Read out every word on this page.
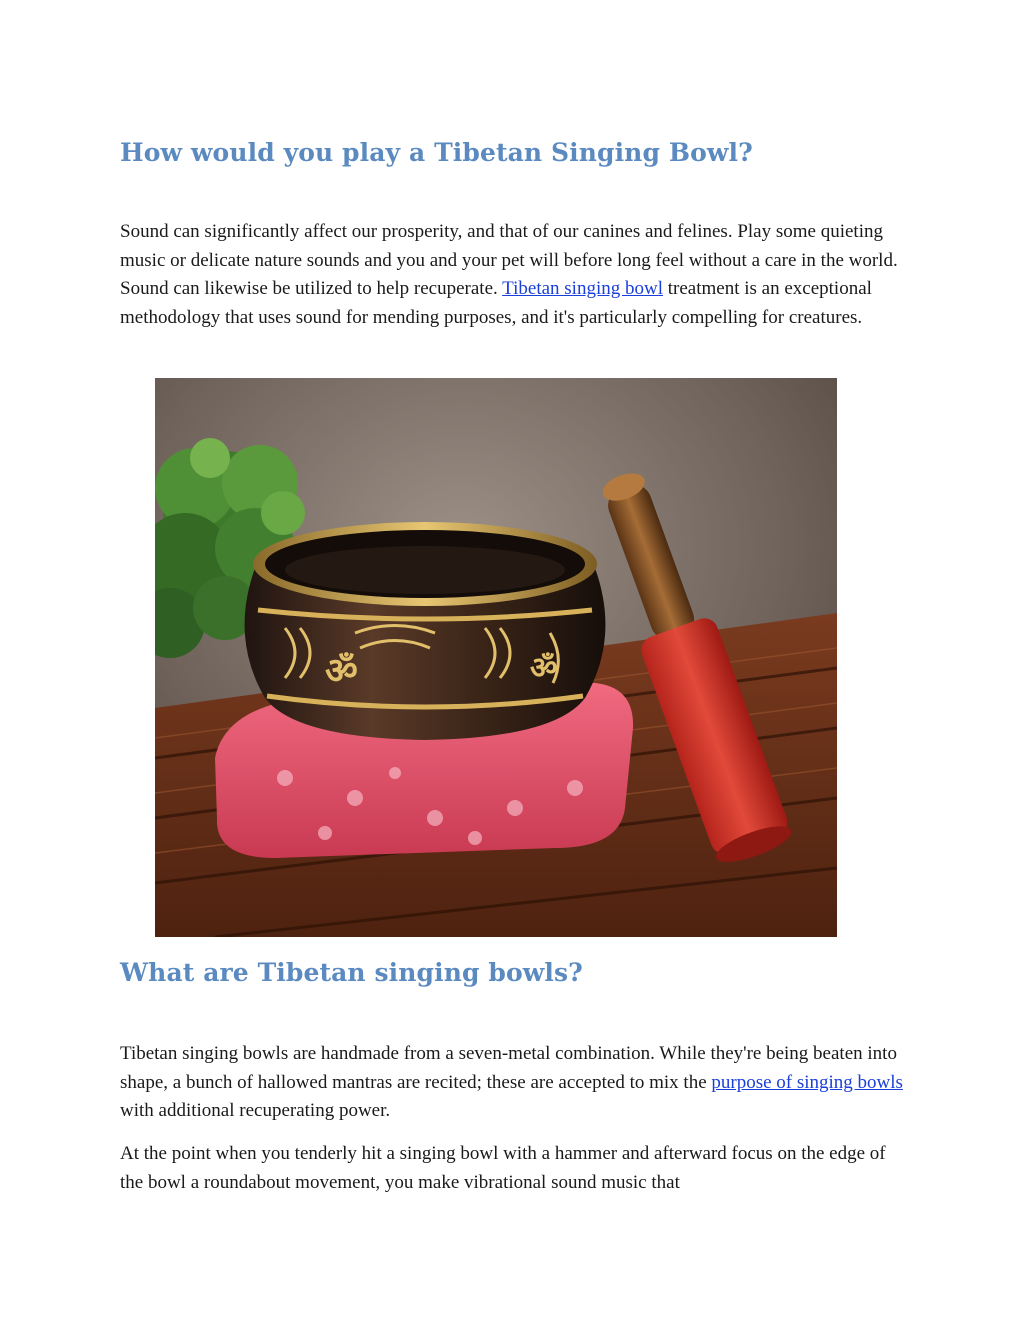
How would you play a Tibetan Singing Bowl?

Sound can significantly affect our prosperity, and that of our canines and felines. Play some quieting music or delicate nature sounds and you and your pet will before long feel without a care in the world. Sound can likewise be utilized to help recuperate. Tibetan singing bowl treatment is an exceptional methodology that uses sound for mending purposes, and it's particularly compelling for creatures.

ॐ	ॐ
What are Tibetan singing bowls?

Tibetan singing bowls are handmade from a seven-metal combination. While they're being beaten into shape, a bunch of hallowed mantras are recited; these are accepted to mix the purpose of singing bowls with additional recuperating power.

At the point when you tenderly hit a singing bowl with a hammer and afterward focus on the edge of the bowl a roundabout movement, you make vibrational sound music that
